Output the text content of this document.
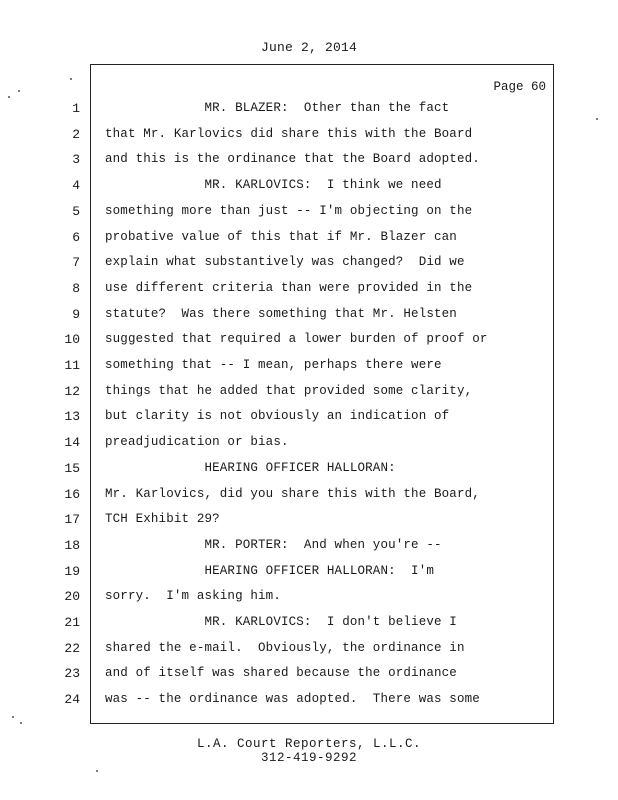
June 2, 2014
Page 60
1 MR. BLAZER:  Other than the fact
2 that Mr. Karlovics did share this with the Board
3 and this is the ordinance that the Board adopted.
4 MR. KARLOVICS:  I think we need
5 something more than just -- I'm objecting on the
6 probative value of this that if Mr. Blazer can
7 explain what substantively was changed?  Did we
8 use different criteria than were provided in the
9 statute?  Was there something that Mr. Helsten
10 suggested that required a lower burden of proof or
11 something that -- I mean, perhaps there were
12 things that he added that provided some clarity,
13 but clarity is not obviously an indication of
14 preadjudication or bias.
15 HEARING OFFICER HALLORAN:
16 Mr. Karlovics, did you share this with the Board,
17 TCH Exhibit 29?
18 MR. PORTER:  And when you're --
19 HEARING OFFICER HALLORAN:  I'm
20 sorry.  I'm asking him.
21 MR. KARLOVICS:  I don't believe I
22 shared the e-mail.  Obviously, the ordinance in
23 and of itself was shared because the ordinance
24 was -- the ordinance was adopted.  There was some
L.A. Court Reporters, L.L.C.
312-419-9292
